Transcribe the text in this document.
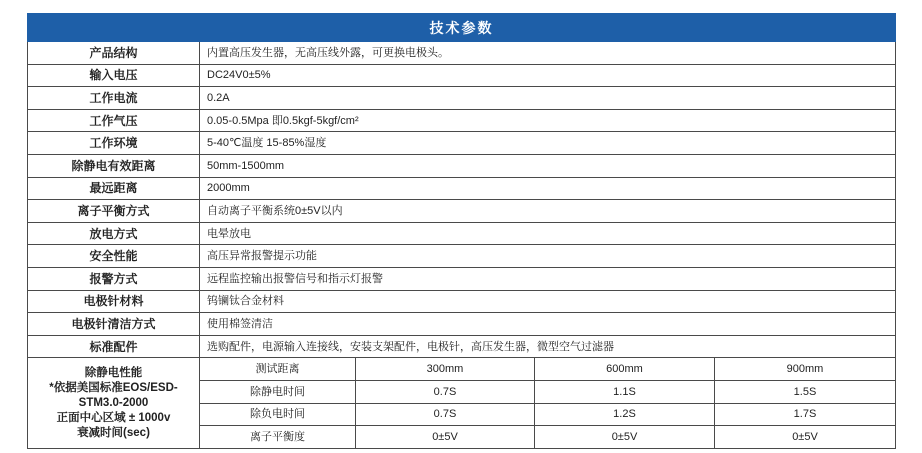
技术参数				
产品结构	内置高压发生器，无高压线外露，可更换电极头。			
输入电压	DC24V0±5%			
工作电流	0.2A			
工作气压	0.05-0.5Mpa 即0.5kgf-5kgf/cm²			
工作环境	5-40℃温度 15-85%湿度			
除静电有效距离	50mm-1500mm			
最远距离	2000mm			
离子平衡方式	自动离子平衡系统0±5V以内			
放电方式	电晕放电			
安全性能	高压异常报警提示功能			
报警方式	远程监控输出报警信号和指示灯报警			
电极针材料	钨镧钛合金材料			
电极针清洁方式	使用棉签清洁			
标准配件	选购配件，电源输入连接线，安装支架配件，电极针，高压发生器，微型空气过滤器			

除静电性能
*依据美国标准EOS/ESD-
STM3.0-2000
正面中心区域 ± 1000v
衰减时间(sec)	测试距离	300mm	600mm	900mm
	除静电时间	0.7S	1.1S	1.5S
	除负电时间	0.7S	1.2S	1.7S
	离子平衡度	0±5V	0±5V	0±5V
